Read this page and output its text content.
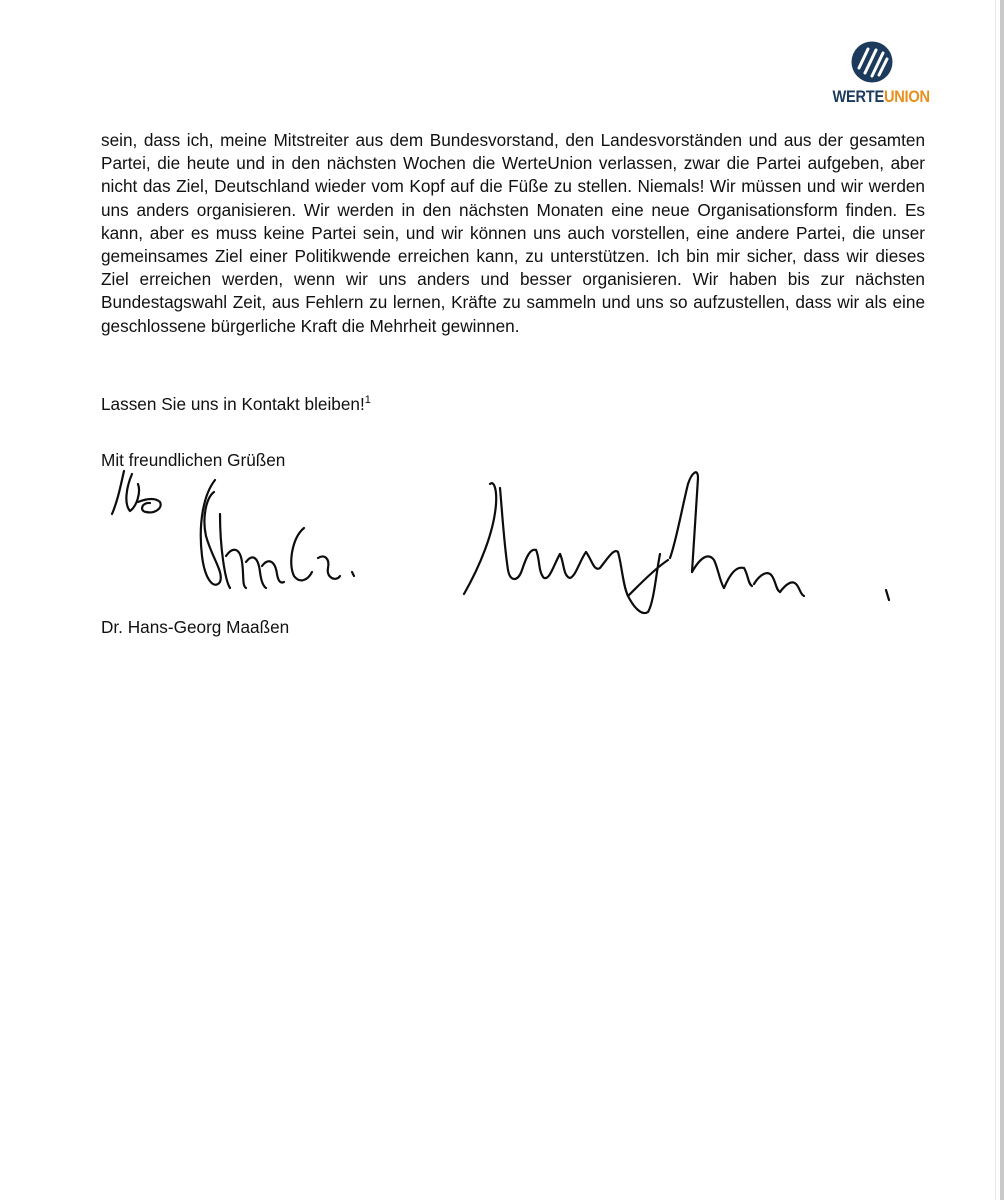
WERTEUNION

sein, dass ich, meine Mitstreiter aus dem Bundesvorstand, den Landesvorständen und aus der gesamten Partei, die heute und in den nächsten Wochen die WerteUnion verlassen, zwar die Partei aufgeben, aber nicht das Ziel, Deutschland wieder vom Kopf auf die Füße zu stellen. Niemals! Wir müssen und wir werden uns anders organisieren. Wir werden in den nächsten Monaten eine neue Organisationsform finden. Es kann, aber es muss keine Partei sein, und wir können uns auch vorstellen, eine andere Partei, die unser gemeinsames Ziel einer Politikwende erreichen kann, zu unterstützen. Ich bin mir sicher, dass wir dieses Ziel erreichen werden, wenn wir uns anders und besser organisieren. Wir haben bis zur nächsten Bundestagswahl Zeit, aus Fehlern zu lernen, Kräfte zu sammeln und uns so aufzustellen, dass wir als eine geschlossene bürgerliche Kraft die Mehrheit gewinnen.

Lassen Sie uns in Kontakt bleiben!$^1$

Mit freundlichen Grüßen

Dr. Hans-Georg Maaßen
